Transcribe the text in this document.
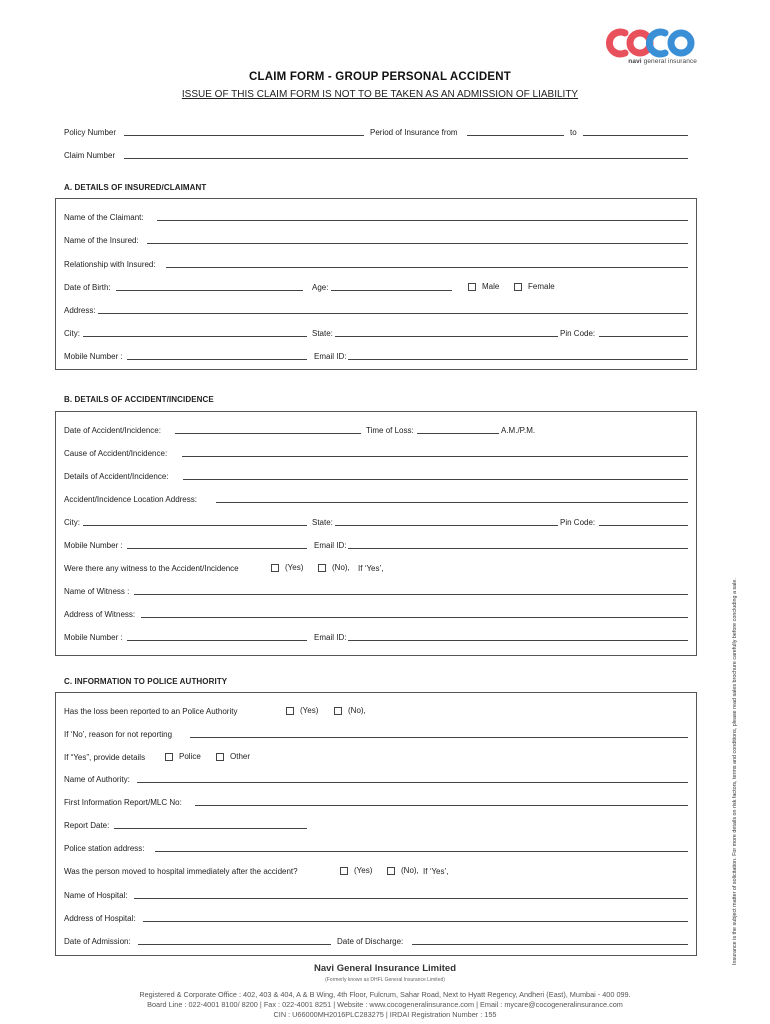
navi general insurance
CLAIM FORM - GROUP PERSONAL ACCIDENT
ISSUE OF THIS CLAIM FORM IS NOT TO BE TAKEN AS AN ADMISSION OF LIABILITY
Policy Number	Period of Insurance from	to
Claim Number
A. DETAILS OF INSURED/CLAIMANT
Name of the Claimant:
Name of the Insured:
Relationship with Insured:
Date of Birth:	Age:	Male	Female
Address:
City:	State:	Pin Code:
Mobile Number :	Email ID:
B. DETAILS OF ACCIDENT/INCIDENCE
Date of Accident/Incidence:	Time of Loss:	A.M./P.M.
Cause of Accident/Incidence:
Details of Accident/Incidence:
Accident/Incidence Location Address:
City:	State:	Pin Code:
Mobile Number :	Email ID:
Were there any witness to the Accident/Incidence	(Yes)	(No), If ‘Yes’,
Name of Witness :
Address of Witness:
Mobile Number :	Email ID:
C. INFORMATION TO POLICE AUTHORITY
Has the loss been reported to an Police Authority	(Yes)	(No),
If ‘No’, reason for not reporting
If “Yes”, provide details	Police	Other
Name of Authority:
First Information Report/MLC No:
Report Date:
Police station address:
Was the person moved to hospital immediately after the accident?	(Yes)	(No), If ‘Yes’,
Name of Hospital:
Address of Hospital:
Date of Admission:	Date of Discharge:	Insurance is the subject matter of solicitation. For more details on risk factors, terms and conditions, please read sales brochure carefully before concluding a sale.
Navi General Insurance Limited
(Formerly known as DHFL General Insurance Limited)
Registered & Corporate Office : 402, 403 & 404, A & B Wing, 4th Floor, Fulcrum, Sahar Road, Next to Hyatt Regency, Andheri (East), Mumbai - 400 099.
Board Line : 022-4001 8100/ 8200 | Fax : 022-4001 8251 | Website : www.cocogeneralinsurance.com | Email : mycare@cocogeneralinsurance.com
CIN : U66000MH2016PLC283275 | IRDAI Registration Number : 155
